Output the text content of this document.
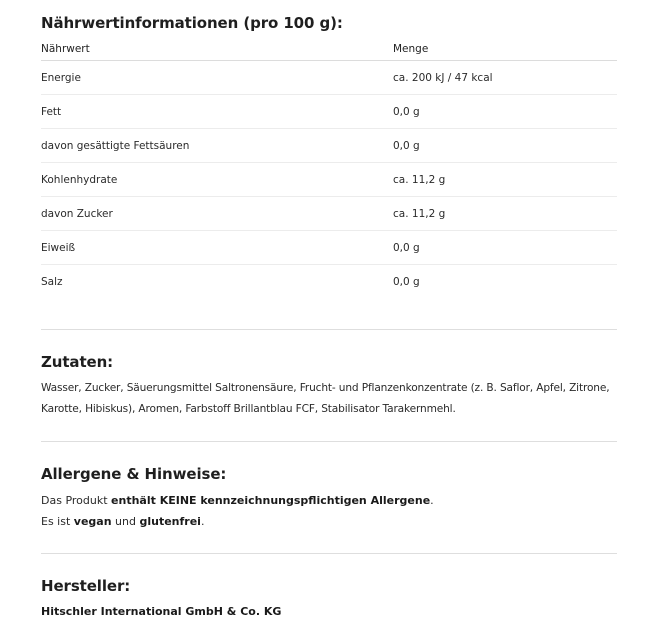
Nährwertinformationen (pro 100 g):
Nährwert	Menge
Energie	ca. 200 kJ / 47 kcal
Fett	0,0 g
davon gesättigte Fettsäuren	0,0 g
Kohlenhydrate	ca. 11,2 g
davon Zucker	ca. 11,2 g
Eiweiß	0,0 g
Salz	0,0 g
Zutaten:
Wasser, Zucker, Säuerungsmittel Saltronensäure, Frucht- und Pflanzenkonzentrate (z. B. Saflor, Apfel, Zitrone,
Karotte, Hibiskus), Aromen, Farbstoff Brillantblau FCF, Stabilisator Tarakernmehl.
Allergene & Hinweise:
Das Produkt enthält KEINE kennzeichnungspflichtigen Allergene.
Es ist vegan und glutenfrei.
Hersteller:
Hitschler International GmbH & Co. KG
